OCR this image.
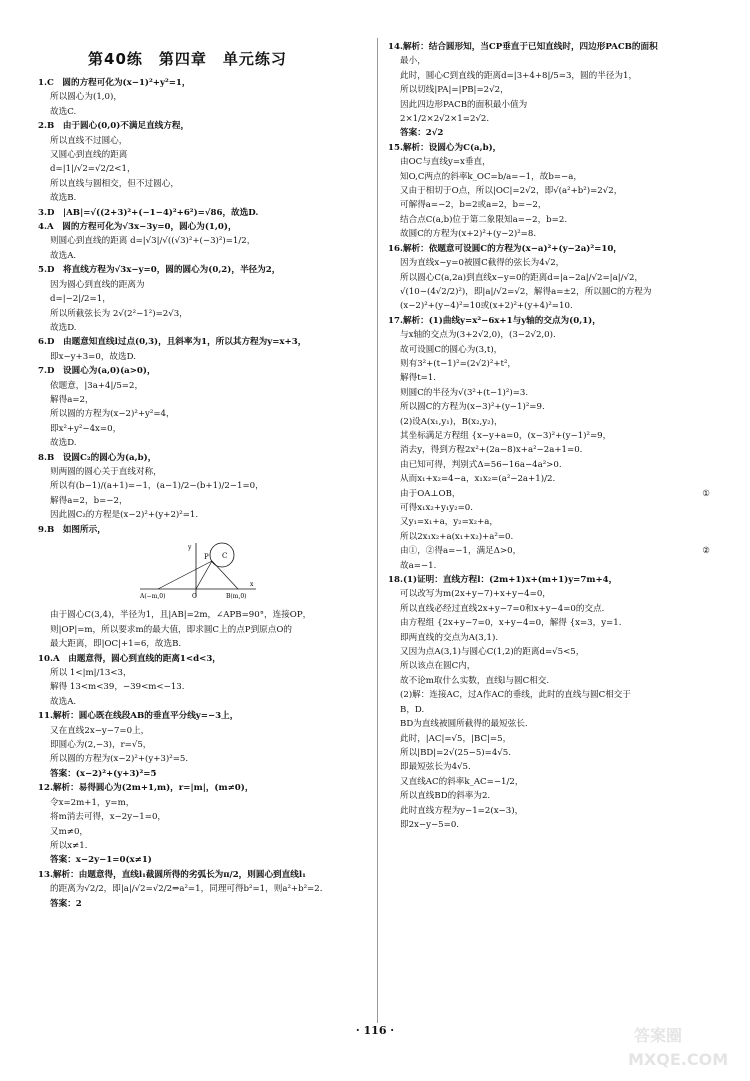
第40练　第四章　单元练习
1.C　圆的方程可化为(x−1)²+y²=1，
所以圆心为(1,0)，
故选C.
2.B　由于圆心(0,0)不满足直线方程，
所以直线不过圆心，
又圆心到直线的距离
d=|1|/√2=√2/2<1，
所以直线与圆相交，但不过圆心，
故选B.
3.D　|AB|=√((2+3)²+(−1−4)²+6²)=√86，故选D.
4.A　圆的方程可化为√3x−3y=0，圆心为(1,0)，
则圆心到直线的距离 d=|√3|/√((√3)²+(−3)²)=1/2，
故选A.
5.D　将直线方程为√3x−y=0，圆的圆心为(0,2)，半径为2，
因为圆心到直线的距离为
d=|−2|/2=1，
所以所截弦长为 2√(2²−1²)=2√3，
故选D.
6.D　由题意知直线l过点(0,3)，且斜率为1，所以其方程为y=x+3，
即x−y+3=0，故选D.
7.D　设圆心为(a,0)(a>0)，
依题意，|3a+4|/5=2，
解得a=2，
所以圆的方程为(x−2)²+y²=4，
即x²+y²−4x=0，
故选D.
8.B　设圆C₂的圆心为(a,b)，
则两圆的圆心关于直线对称，
所以有(b−1)/(a+1)=−1，(a−1)/2−(b+1)/2−1=0，
解得a=2，b=−2，
因此圆C₂的方程是(x−2)²+(y+2)²=1.
9.B　如图所示，
P C
A(−m,0)	O	B(m,0)
x
y
由于圆心C(3,4)，半径为1，且|AB|=2m，∠APB=90°，连接OP，
则|OP|=m，所以要求m的最大值，即求圆C上的点P到原点O的
最大距离，即|OC|+1=6，故选B.
10.A　由题意得，圆心到直线的距离1<d<3，
所以 1<|m|/13<3，
解得 13<m<39，−39<m<−13.
故选A.
11.解析：圆心既在线段AB的垂直平分线y=−3上，
又在直线2x−y−7=0上，
即圆心为(2,−3)，r=√5，
所以圆的方程为(x−2)²+(y+3)²=5.
答案：(x−2)²+(y+3)²=5
12.解析：易得圆心为(2m+1,m)，r=|m|，(m≠0)，
令x=2m+1，y=m，
将m消去可得，x−2y−1=0，
又m≠0，
所以x≠1.
答案：x−2y−1=0(x≠1)
13.解析：由题意得，直线l₁截圆所得的劣弧长为π/2，则圆心到直线l₁
的距离为√2/2，即|a|/√2=√2/2⇒a²=1，同理可得b²=1，则a²+b²=2.
答案：2
14.解析：结合圆形知，当CP垂直于已知直线时，四边形PACB的面积
最小，
此时，圆心C到直线的距离d=|3+4+8|/5=3，圆的半径为1，
所以切线|PA|=|PB|=2√2，
因此四边形PACB的面积最小值为
2×1/2×2√2×1=2√2.
答案：2√2
15.解析：设圆心为C(a,b)，
由OC与直线y=x垂直，
知O,C两点的斜率k_OC=b/a=−1，故b=−a，
又由于相切于O点，所以|OC|=2√2，即√(a²+b²)=2√2，
可解得a=−2，b=2或a=2，b=−2，
结合点C(a,b)位于第二象限知a=−2，b=2.
故圆C的方程为(x+2)²+(y−2)²=8.
16.解析：依题意可设圆C的方程为(x−a)²+(y−2a)²=10，
因为直线x−y=0被圆C截得的弦长为4√2，
所以圆心C(a,2a)到直线x−y=0的距离d=|a−2a|/√2=|a|/√2，
√(10−(4√2/2)²)，即|a|/√2=√2，解得a=±2，所以圆C的方程为
(x−2)²+(y−4)²=10或(x+2)²+(y+4)²=10.
17.解析：(1)曲线y=x²−6x+1与y轴的交点为(0,1)，
与x轴的交点为(3+2√2,0)，(3−2√2,0).
故可设圆C的圆心为(3,t)，
则有3²+(t−1)²=(2√2)²+t²，
解得t=1.
则圆C的半径为√(3²+(t−1)²)=3.
所以圆C的方程为(x−3)²+(y−1)²=9.
(2)设A(x₁,y₁)，B(x₂,y₂)，
其坐标满足方程组 {x−y+a=0，(x−3)²+(y−1)²=9，
消去y，得到方程2x²+(2a−8)x+a²−2a+1=0.
由已知可得，判别式Δ=56−16a−4a²>0.
从而x₁+x₂=4−a，x₁x₂=(a²−2a+1)/2.
由于OA⊥OB，	①
可得x₁x₂+y₁y₂=0.
又y₁=x₁+a，y₂=x₂+a，
所以2x₁x₂+a(x₁+x₂)+a²=0.
由①，②得a=−1，满足Δ>0，	②
故a=−1.
18.(1)证明：直线方程l：(2m+1)x+(m+1)y=7m+4，
可以改写为m(2x+y−7)+x+y−4=0，
所以直线必经过直线2x+y−7=0和x+y−4=0的交点.
由方程组 {2x+y−7=0，x+y−4=0，解得 {x=3，y=1.
即两直线的交点为A(3,1).
又因为点A(3,1)与圆心C(1,2)的距离d=√5<5，
所以该点在圆C内，
故不论m取什么实数，直线l与圆C相交.
(2)解：连接AC，过A作AC的垂线，此时的直线与圆C相交于
B，D.
BD为直线被圆所截得的最短弦长.
此时，|AC|=√5，|BC|=5，
所以|BD|=2√(25−5)=4√5.
即最短弦长为4√5.
又直线AC的斜率k_AC=−1/2，
所以直线BD的斜率为2.
此时直线方程为y−1=2(x−3)，
即2x−y−5=0.
· 116 ·	答案圈
MXQE.COM
